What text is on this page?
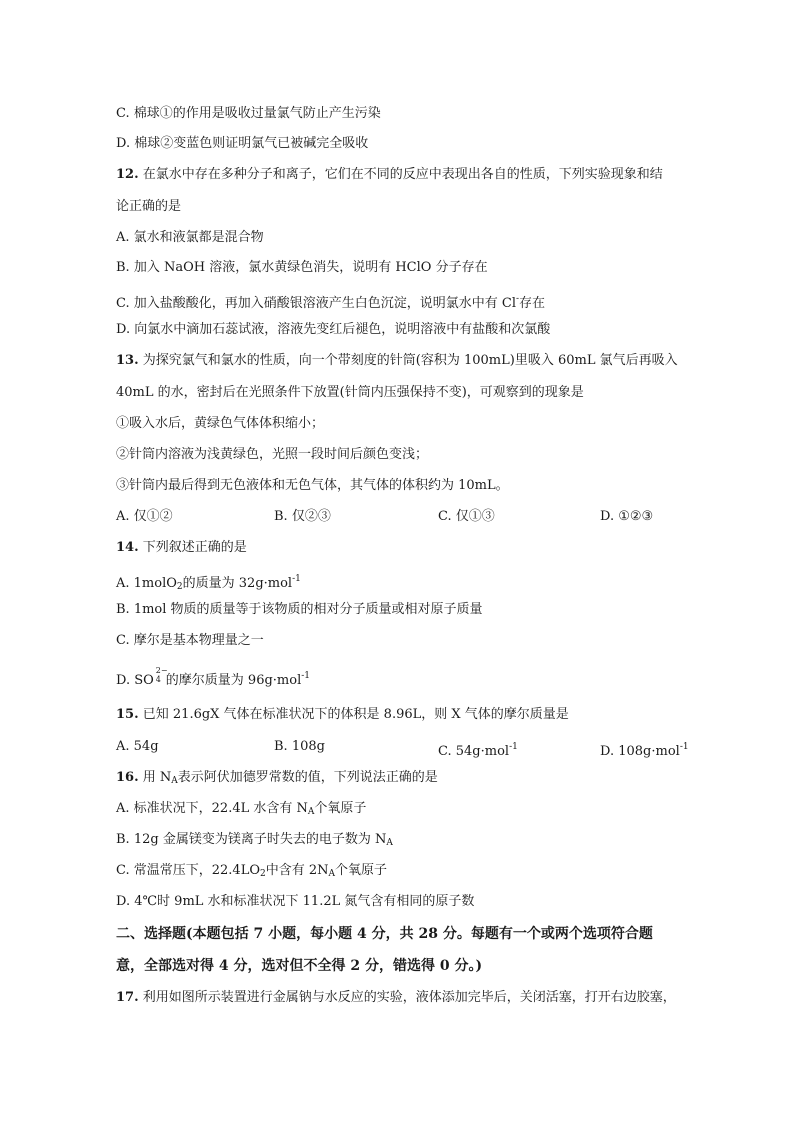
C. 棉球①的作用是吸收过量氯气防止产生污染
D. 棉球②变蓝色则证明氯气已被碱完全吸收
12. 在氯水中存在多种分子和离子，它们在不同的反应中表现出各自的性质，下列实验现象和结
论正确的是
A. 氯水和液氯都是混合物
B. 加入 NaOH 溶液，氯水黄绿色消失，说明有 HClO 分子存在
C. 加入盐酸酸化，再加入硝酸银溶液产生白色沉淀，说明氯水中有 Cl-存在
D. 向氯水中滴加石蕊试液，溶液先变红后褪色，说明溶液中有盐酸和次氯酸
13. 为探究氯气和氯水的性质，向一个带刻度的针筒(容积为 100mL)里吸入 60mL 氯气后再吸入
40mL 的水，密封后在光照条件下放置(针筒内压强保持不变)，可观察到的现象是
①吸入水后，黄绿色气体体积缩小；
②针筒内溶液为浅黄绿色，光照一段时间后颜色变浅；
③针筒内最后得到无色液体和无色气体，其气体的体积约为 10mL。
A. 仅①②	B. 仅②③	C. 仅①③	D. ①②③
14. 下列叙述正确的是
A. 1molO$_2$的质量为 32g·mol$^{-1}$
B. 1mol 物质的质量等于该物质的相对分子质量或相对原子质量
C. 摩尔是基本物理量之一
D. SO
2−
4 的摩尔质量为 96g·mol$^{-1}$
15. 已知 21.6gX 气体在标准状况下的体积是 8.96L，则 X 气体的摩尔质量是
A. 54g	B. 108g	C. 54g·mol$^{-1}$	D. 108g·mol$^{-1}$
16. 用 $N_A$表示阿伏加德罗常数的值，下列说法正确的是
A. 标准状况下，22.4L 水含有 $N_A$个氧原子
B. 12g 金属镁变为镁离子时失去的电子数为 $N_A$
C. 常温常压下，$22.4LO_2$中含有 $2N_A$个氧原子
D. 4℃时 9mL 水和标准状况下 11.2L 氮气含有相同的原子数
二、选择题(本题包括 7 小题，每小题 4 分，共 28 分。每题有一个或两个选项符合题
意，全部选对得 4 分，选对但不全得 2 分，错选得 0 分。)
17. 利用如图所示装置进行金属钠与水反应的实验，液体添加完毕后，关闭活塞，打开右边胶塞，
